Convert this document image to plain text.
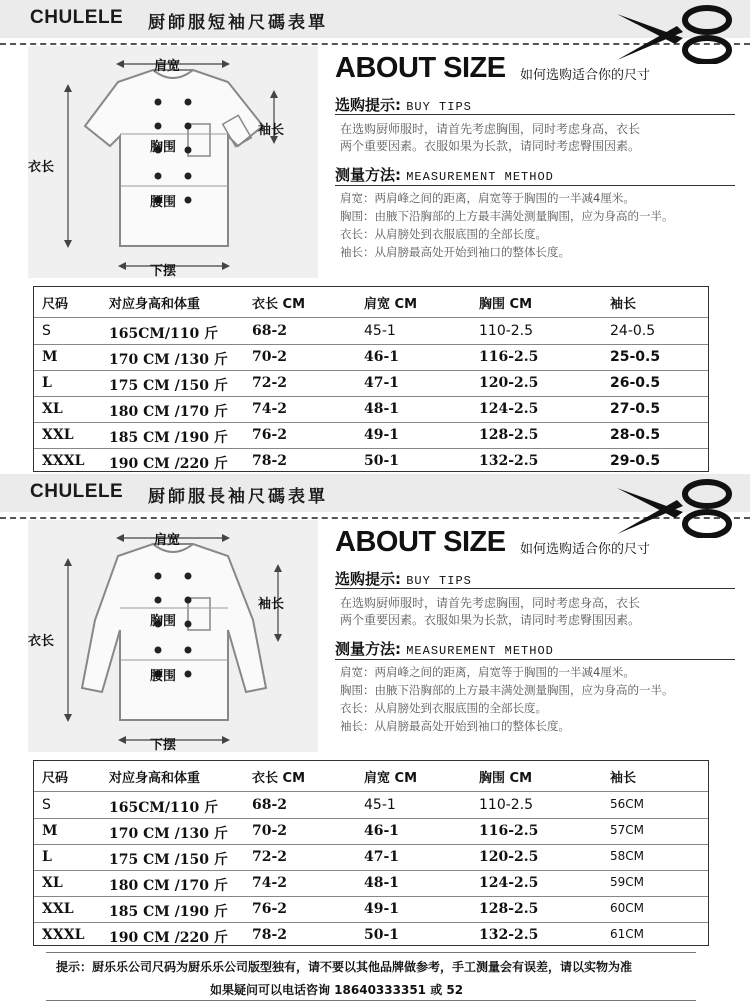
CHULELE 厨師服短袖尺碼表單
肩宽
袖长
衣长
胸围
腰围
下摆
ABOUT SIZE 如何选购适合你的尺寸
选购提示: BUY TIPS
在选购厨师服时，请首先考虑胸围，同时考虑身高，衣长
两个重要因素。衣服如果为长款，请同时考虑臀围因素。
测量方法: MEASUREMENT METHOD
肩宽：两肩峰之间的距离，肩宽等于胸围的一半减4厘米。
胸围：由腋下沿胸部的上方最丰满处测量胸围，应为身高的一半。
衣长：从肩膀处到衣服底围的全部长度。
袖长：从肩膀最高处开始到袖口的整体长度。
尺码	对应身高和体重	衣长 CM	肩宽 CM	胸围 CM	袖长
S	165CM/110 斤 68-2	45-1	110-2.5	24-0.5
M	170 CM /130 斤 70-2	46-1	116-2.5	25-0.5
L	175 CM /150 斤 72-2	47-1	120-2.5	26-0.5
XL	180 CM /170 斤 74-2	48-1	124-2.5	27-0.5
XXL	185 CM /190 斤 76-2	49-1	128-2.5	28-0.5
XXXL 190 CM /220 斤 78-2	50-1	132-2.5	29-0.5
CHULELE 厨師服長袖尺碼表單
肩宽
袖长
衣长
胸围
腰围
下摆
ABOUT SIZE 如何选购适合你的尺寸
选购提示: BUY TIPS
在选购厨师服时，请首先考虑胸围，同时考虑身高，衣长
两个重要因素。衣服如果为长款，请同时考虑臀围因素。
测量方法: MEASUREMENT METHOD
肩宽：两肩峰之间的距离，肩宽等于胸围的一半减4厘米。
胸围：由腋下沿胸部的上方最丰满处测量胸围，应为身高的一半。
衣长：从肩膀处到衣服底围的全部长度。
袖长：从肩膀最高处开始到袖口的整体长度。
尺码	对应身高和体重	衣长 CM	肩宽 CM	胸围 CM	袖长
S	165CM/110 斤 68-2	45-1	110-2.5	56CM
M	170 CM /130 斤 70-2	46-1	116-2.5	57CM
L	175 CM /150 斤 72-2	47-1	120-2.5	58CM
XL	180 CM /170 斤 74-2	48-1	124-2.5	59CM
XXL	185 CM /190 斤 76-2	49-1	128-2.5	60CM
XXXL 190 CM /220 斤 78-2	50-1	132-2.5	61CM
提示：厨乐乐公司尺码为厨乐乐公司版型独有，请不要以其他品牌做参考，手工测量会有误差，请以实物为准
如果疑问可以电话咨询 18640333351 或 52
